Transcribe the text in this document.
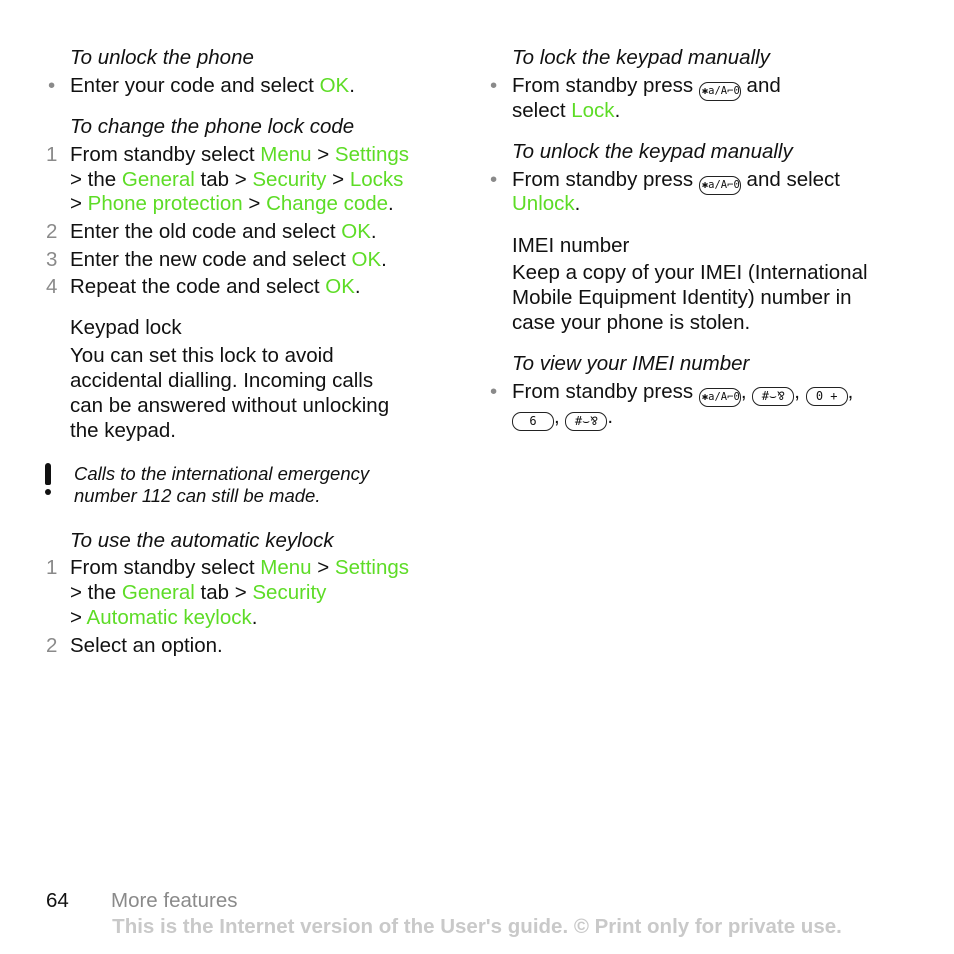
To unlock the phone
• Enter your code and select OK.
To change the phone lock code
1 From standby select Menu > Settings
> the General tab > Security > Locks
> Phone protection > Change code.
2 Enter the old code and select OK.
3 Enter the new code and select OK.
4 Repeat the code and select OK.
Keypad lock
You can set this lock to avoid
accidental dialling. Incoming calls
can be answered without unlocking
the keypad.
Calls to the international emergency
number 112 can still be made.
To use the automatic keylock
1 From standby select Menu > Settings
> the General tab > Security
> Automatic keylock.
2 Select an option.
To lock the keypad manually
• From standby press ✱a/A⌐0 and
select Lock.
To unlock the keypad manually
• From standby press ✱a/A⌐0 and select
Unlock.
IMEI number
Keep a copy of your IMEI (International
Mobile Equipment Identity) number in
case your phone is stolen.
To view your IMEI number
• From standby press ✱a/A⌐0, #⌣⅋ , 0 + ,
6 , #⌣⅋ .
64 More features
This is the Internet version of the User's guide. © Print only for private use.
